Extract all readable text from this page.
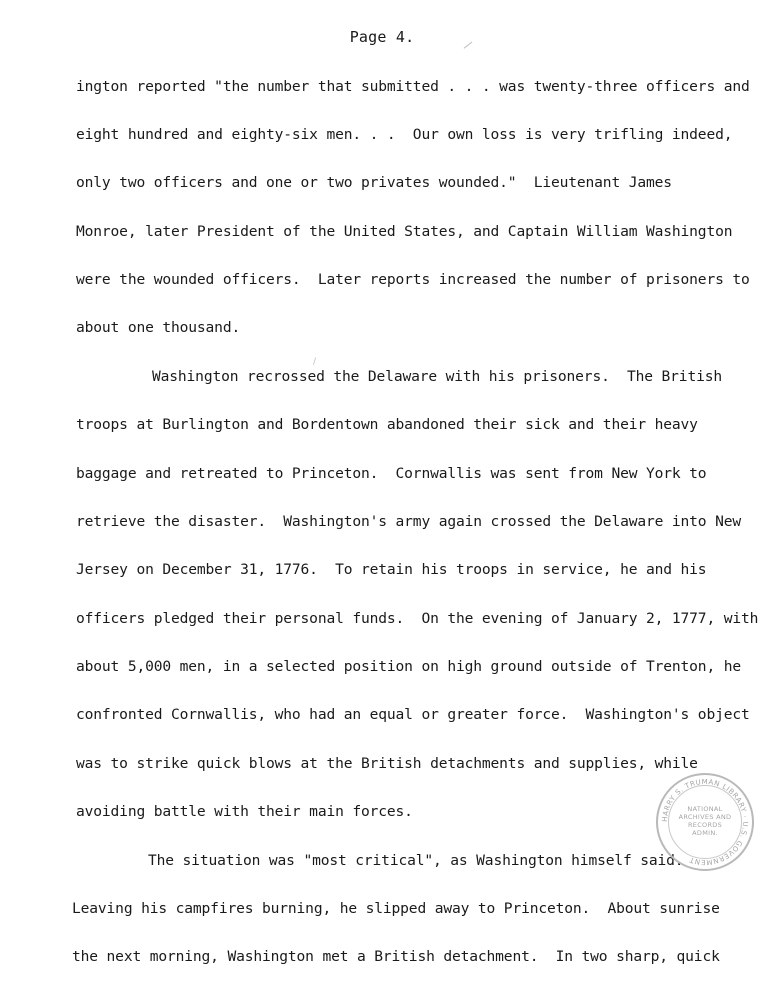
Page 4.
ington reported "the number that submitted . . . was twenty-three officers and
eight hundred and eighty-six men. . .  Our own loss is very trifling indeed,
only two officers and one or two privates wounded."  Lieutenant James
Monroe, later President of the United States, and Captain William Washington
were the wounded officers.  Later reports increased the number of prisoners to
about one thousand.
Washington recrossed the Delaware with his prisoners.  The British
troops at Burlington and Bordentown abandoned their sick and their heavy
baggage and retreated to Princeton.  Cornwallis was sent from New York to
retrieve the disaster.  Washington's army again crossed the Delaware into New
Jersey on December 31, 1776.  To retain his troops in service, he and his
officers pledged their personal funds.  On the evening of January 2, 1777, with
about 5,000 men, in a selected position on high ground outside of Trenton, he
confronted Cornwallis, who had an equal or greater force.  Washington's object
was to strike quick blows at the British detachments and supplies, while
avoiding battle with their main forces.
The situation was "most critical", as Washington himself said.
Leaving his campfires burning, he slipped away to Princeton.  About sunrise
the next morning, Washington met a British detachment.  In two sharp, quick
HARRY S. TRUMAN LIBRARY · U.S. GOVERNMENT
NATIONAL
ARCHIVES AND
RECORDS
ADMIN.
/
/
